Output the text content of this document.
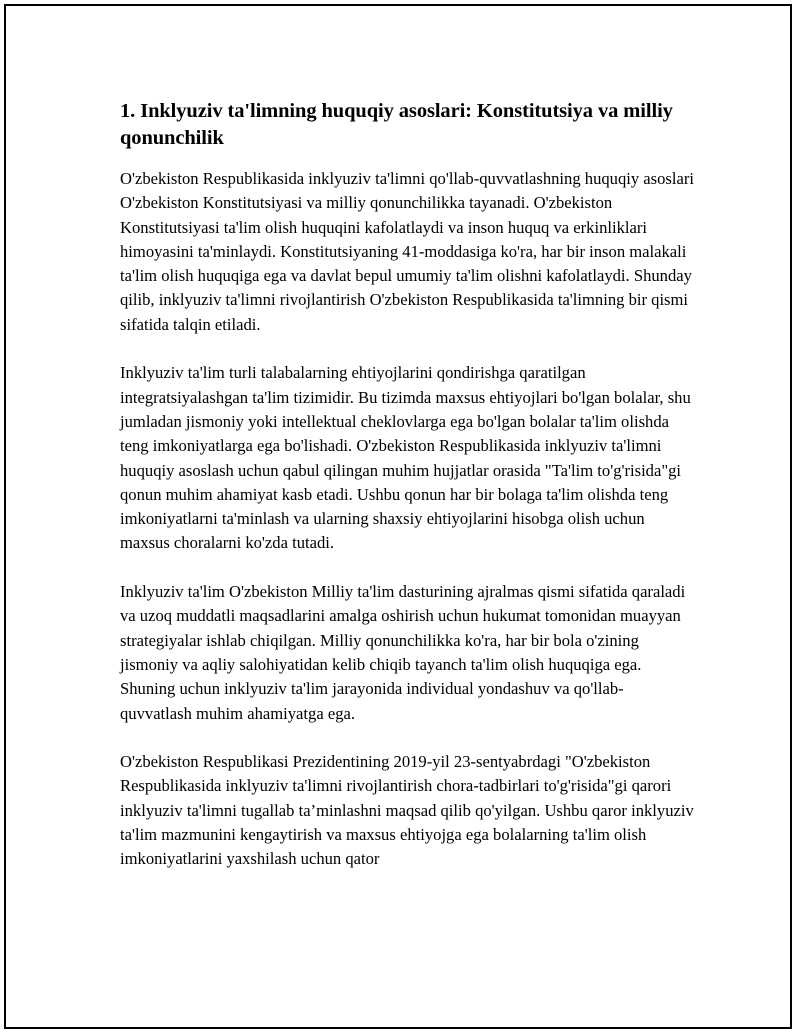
1. Inklyuziv ta'limning huquqiy asoslari: Konstitutsiya va milliy qonunchilik

O'zbekiston Respublikasida inklyuziv ta'limni qo'llab-quvvatlashning huquqiy asoslari O'zbekiston Konstitutsiyasi va milliy qonunchilikka tayanadi. O'zbekiston Konstitutsiyasi ta'lim olish huquqini kafolatlaydi va inson huquq va erkinliklari himoyasini ta'minlaydi. Konstitutsiyaning 41-moddasiga ko'ra, har bir inson malakali ta'lim olish huquqiga ega va davlat bepul umumiy ta'lim olishni kafolatlaydi. Shunday qilib, inklyuziv ta'limni rivojlantirish O'zbekiston Respublikasida ta'limning bir qismi sifatida talqin etiladi.

Inklyuziv ta'lim turli talabalarning ehtiyojlarini qondirishga qaratilgan integratsiyalashgan ta'lim tizimidir. Bu tizimda maxsus ehtiyojlari bo'lgan bolalar, shu jumladan jismoniy yoki intellektual cheklovlarga ega bo'lgan bolalar ta'lim olishda teng imkoniyatlarga ega bo'lishadi. O'zbekiston Respublikasida inklyuziv ta'limni huquqiy asoslash uchun qabul qilingan muhim hujjatlar orasida "Ta'lim to'g'risida"gi qonun muhim ahamiyat kasb etadi. Ushbu qonun har bir bolaga ta'lim olishda teng imkoniyatlarni ta'minlash va ularning shaxsiy ehtiyojlarini hisobga olish uchun maxsus choralarni ko'zda tutadi.

Inklyuziv ta'lim O'zbekiston Milliy ta'lim dasturining ajralmas qismi sifatida qaraladi va uzoq muddatli maqsadlarini amalga oshirish uchun hukumat tomonidan muayyan strategiyalar ishlab chiqilgan. Milliy qonunchilikka ko'ra, har bir bola o'zining jismoniy va aqliy salohiyatidan kelib chiqib tayanch ta'lim olish huquqiga ega. Shuning uchun inklyuziv ta'lim jarayonida individual yondashuv va qo'llab-quvvatlash muhim ahamiyatga ega.

O'zbekiston Respublikasi Prezidentining 2019-yil 23-sentyabrdagi "O'zbekiston Respublikasida inklyuziv ta'limni rivojlantirish chora-tadbirlari to'g'risida"gi qarori inklyuziv ta'limni tugallab ta’minlashni maqsad qilib qo'yilgan. Ushbu qaror inklyuziv ta'lim mazmunini kengaytirish va maxsus ehtiyojga ega bolalarning ta'lim olish imkoniyatlarini yaxshilash uchun qator
